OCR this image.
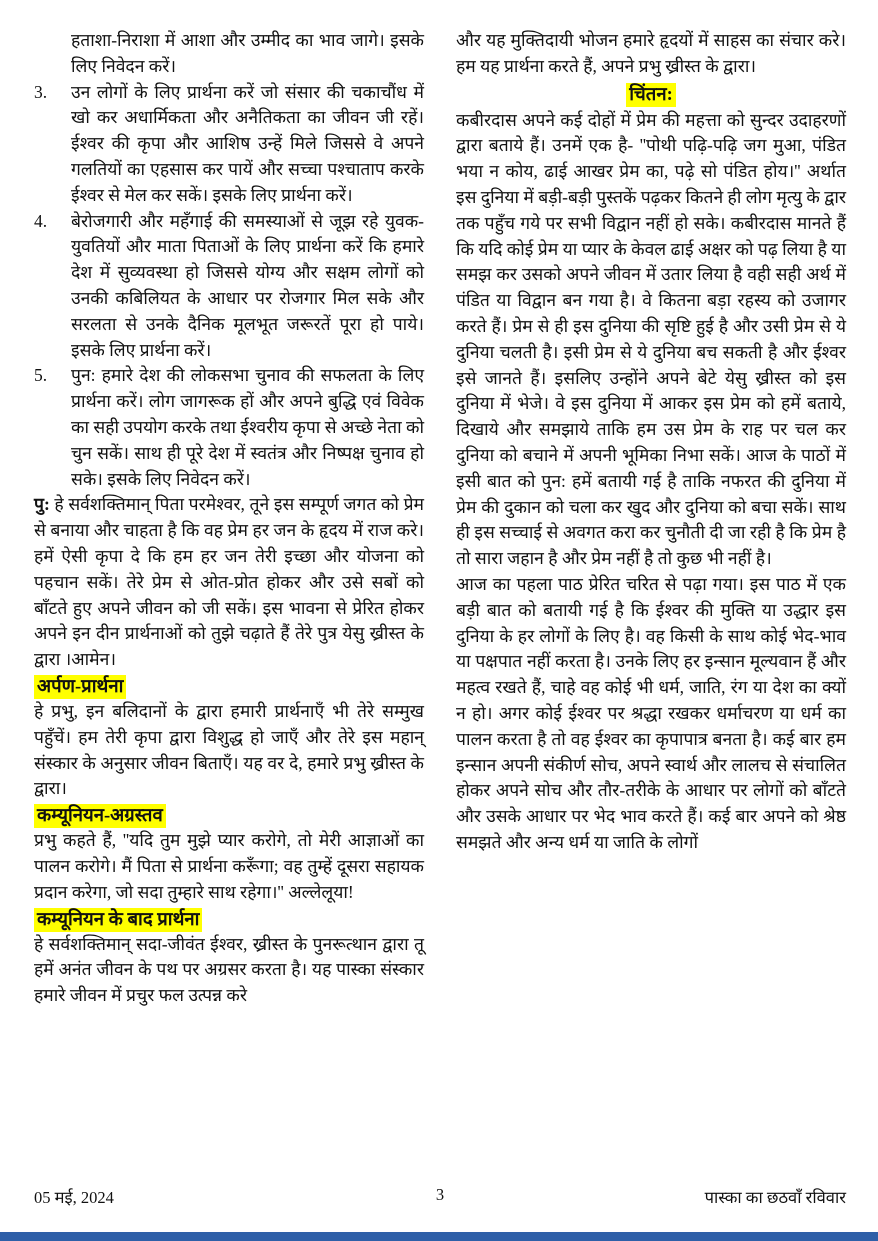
हताशा-निराशा में आशा और उम्मीद का भाव जागे। इसके लिए निवेदन करें।
3.	उन लोगों के लिए प्रार्थना करें जो संसार की चकाचौंध में खो कर अधार्मिकता और अनैतिकता का जीवन जी रहें। ईश्वर की कृपा और आशिष उन्हें मिले जिससे वे अपने गलतियों का एहसास कर पायें और सच्चा पश्चाताप करके ईश्वर से मेल कर सकें। इसके लिए प्रार्थना करें।
4.	बेरोजगारी और महँगाई की समस्याओं से जूझ रहे युवक-युवतियों और माता पिताओं के लिए प्रार्थना करें कि हमारे देश में सुव्यवस्था हो जिससे योग्य और सक्षम लोगों को उनकी कबिलियत के आधार पर रोजगार मिल सके और सरलता से उनके दैनिक मूलभूत जरूरतें पूरा हो पाये। इसके लिए प्रार्थना करें।
5.	पुन: हमारे देश की लोकसभा चुनाव की सफलता के लिए प्रार्थना करें। लोग जागरूक हों और अपने बुद्धि एवं विवेक का सही उपयोग करके तथा ईश्वरीय कृपा से अच्छे नेता को चुन सकें। साथ ही पूरे देश में स्वतंत्र और निष्पक्ष चुनाव हो सके। इसके लिए निवेदन करें।
पु: हे सर्वशक्तिमान् पिता परमेश्वर, तूने इस सम्पूर्ण जगत को प्रेम से बनाया और चाहता है कि वह प्रेम हर जन के हृदय में राज करे। हमें ऐसी कृपा दे कि हम हर जन तेरी इच्छा और योजना को पहचान सकें। तेरे प्रेम से ओत-प्रोत होकर और उसे सबों को बाँटते हुए अपने जीवन को जी सकें। इस भावना से प्रेरित होकर अपने इन दीन प्रार्थनाओं को तुझे चढ़ाते हैं तेरे पुत्र येसु ख्रीस्त के द्वारा ।आमेन।
अर्पण-प्रार्थना
हे प्रभु, इन बलिदानों के द्वारा हमारी प्रार्थनाएँ भी तेरे सम्मुख पहुँचें। हम तेरी कृपा द्वारा विशुद्ध हो जाएँ और तेरे इस महान् संस्कार के अनुसार जीवन बिताएँ। यह वर दे, हमारे प्रभु ख्रीस्त के द्वारा।
कम्यूनियन-अग्रस्तव
प्रभु कहते हैं, ''यदि तुम मुझे प्यार करोगे, तो मेरी आज्ञाओं का पालन करोगे। मैं पिता से प्रार्थना करूँगा; वह तुम्हें दूसरा सहायक प्रदान करेगा, जो सदा तुम्हारे साथ रहेगा।'' अल्लेलूया!
कम्यूनियन के बाद प्रार्थना
हे सर्वशक्तिमान् सदा-जीवंत ईश्वर, ख्रीस्त के पुनरूत्थान द्वारा तू हमें अनंत जीवन के पथ पर अग्रसर करता है। यह पास्का संस्कार हमारे जीवन में प्रचुर फल उत्पन्न करे
और यह मुक्तिदायी भोजन हमारे हृदयों में साहस का संचार करे। हम यह प्रार्थना करते हैं, अपने प्रभु ख्रीस्त के द्वारा।
चिंतन:
कबीरदास अपने कई दोहों में प्रेम की महत्ता को सुन्दर उदाहरणों द्वारा बताये हैं। उनमें एक है- ''पोथी पढ़ि-पढ़ि जग मुआ, पंडित भया न कोय, ढाई आखर प्रेम का, पढ़े सो पंडित होय।'' अर्थात इस दुनिया में बड़ी-बड़ी पुस्तकें पढ़कर कितने ही लोग मृत्यु के द्वार तक पहुँच गये पर सभी विद्वान नहीं हो सके। कबीरदास मानते हैं कि यदि कोई प्रेम या प्यार के केवल ढाई अक्षर को पढ़ लिया है या समझ कर उसको अपने जीवन में उतार लिया है वही सही अर्थ में पंडित या विद्वान बन गया है। वे कितना बड़ा रहस्य को उजागर करते हैं। प्रेम से ही इस दुनिया की सृष्टि हुई है और उसी प्रेम से ये दुनिया चलती है। इसी प्रेम से ये दुनिया बच सकती है और ईश्वर इसे जानते हैं। इसलिए उन्होंने अपने बेटे येसु ख्रीस्त को इस दुनिया में भेजे। वे इस दुनिया में आकर इस प्रेम को हमें बताये, दिखाये और समझाये ताकि हम उस प्रेम के राह पर चल कर दुनिया को बचाने में अपनी भूमिका निभा सकें। आज के पाठों में इसी बात को पुन: हमें बतायी गई है ताकि नफरत की दुनिया में प्रेम की दुकान को चला कर खुद और दुनिया को बचा सकें। साथ ही इस सच्चाई से अवगत करा कर चुनौती दी जा रही है कि प्रेम है तो सारा जहान है और प्रेम नहीं है तो कुछ भी नहीं है।
आज का पहला पाठ प्रेरित चरित से पढ़ा गया। इस पाठ में एक बड़ी बात को बतायी गई है कि ईश्वर की मुक्ति या उद्धार इस दुनिया के हर लोगों के लिए है। वह किसी के साथ कोई भेद-भाव या पक्षपात नहीं करता है। उनके लिए हर इन्सान मूल्यवान हैं और महत्व रखते हैं, चाहे वह कोई भी धर्म, जाति, रंग या देश का क्यों न हो। अगर कोई ईश्वर पर श्रद्धा रखकर धर्माचरण या धर्म का पालन करता है तो वह ईश्वर का कृपापात्र बनता है। कई बार हम इन्सान अपनी संकीर्ण सोच, अपने स्वार्थ और लालच से संचालित होकर अपने सोच और तौर-तरीके के आधार पर लोगों को बाँटते और उसके आधार पर भेद भाव करते हैं। कई बार अपने को श्रेष्ठ समझते और अन्य धर्म या जाति के लोगों
05 मई, 2024	3	पास्का का छठवाँ रविवार
